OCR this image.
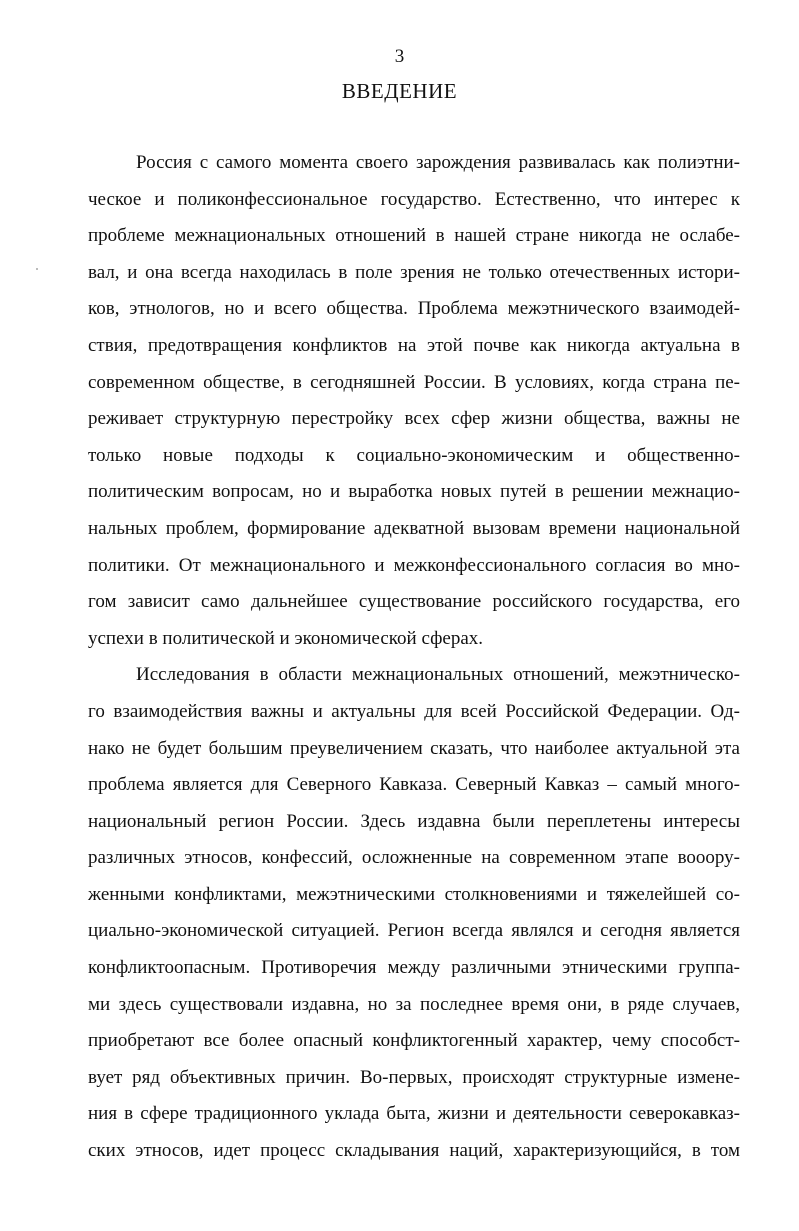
3
ВВЕДЕНИЕ
Россия с самого момента своего зарождения развивалась как полиэтни-
ческое и поликонфессиональное государство. Естественно, что интерес к
проблеме межнациональных отношений в нашей стране никогда не ослабе-
вал, и она всегда находилась в поле зрения не только отечественных истори-
ков, этнологов, но и всего общества. Проблема межэтнического взаимодей-
ствия, предотвращения конфликтов на этой почве как никогда актуальна в
современном обществе, в сегодняшней России. В условиях, когда страна пе-
реживает структурную перестройку всех сфер жизни общества, важны не
только новые подходы к социально-экономическим и общественно-
политическим вопросам, но и выработка новых путей в решении межнацио-
нальных проблем, формирование адекватной вызовам времени национальной
политики. От межнационального и межконфессионального согласия во мно-
гом зависит само дальнейшее существование российского государства, его
успехи в политической и экономической сферах.
Исследования в области межнациональных отношений, межэтническо-
го взаимодействия важны и актуальны для всей Российской Федерации. Од-
нако не будет большим преувеличением сказать, что наиболее актуальной эта
проблема является для Северного Кавказа. Северный Кавказ – самый много-
национальный регион России. Здесь издавна были переплетены интересы
различных этносов, конфессий, осложненные на современном этапе вооору-
женными конфликтами, межэтническими столкновениями и тяжелейшей со-
циально-экономической ситуацией. Регион всегда являлся и сегодня является
конфликтоопасным. Противоречия между различными этническими группа-
ми здесь существовали издавна, но за последнее время они, в ряде случаев,
приобретают все более опасный конфликтогенный характер, чему способст-
вует ряд объективных причин. Во-первых, происходят структурные измене-
ния в сфере традиционного уклада быта, жизни и деятельности северокавказ-
ских этносов, идет процесс складывания наций, характеризующийся, в том
